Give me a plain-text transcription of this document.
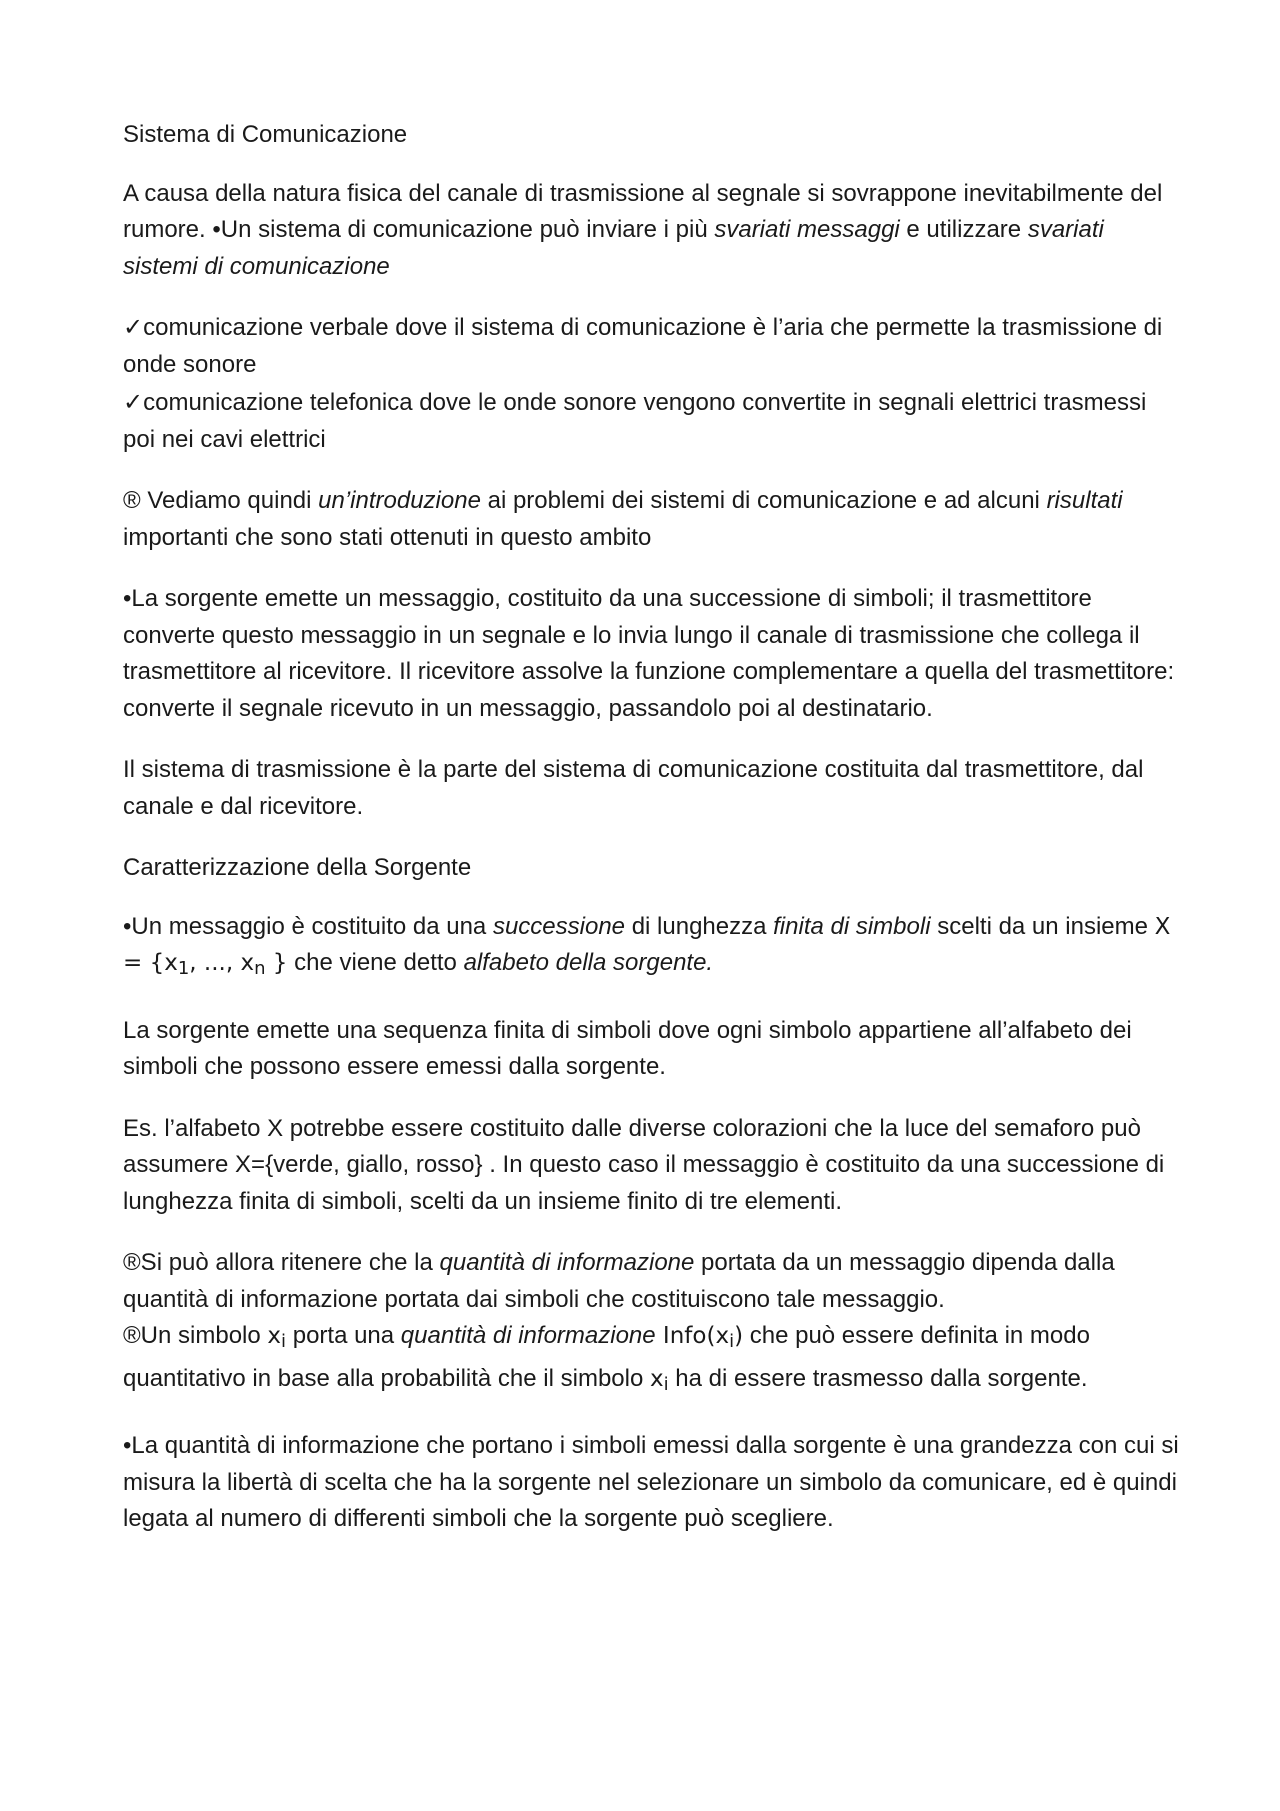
Sistema di Comunicazione

A causa della natura fisica del canale di trasmissione al segnale si sovrappone inevitabilmente del rumore. •Un sistema di comunicazione può inviare i più svariati messaggi e utilizzare svariati sistemi di comunicazione

✓comunicazione verbale dove il sistema di comunicazione è l’aria che permette la trasmissione di onde sonore

✓comunicazione telefonica dove le onde sonore vengono convertite in segnali elettrici trasmessi poi nei cavi elettrici

® Vediamo quindi un’introduzione ai problemi dei sistemi di comunicazione e ad alcuni risultati importanti che sono stati ottenuti in questo ambito

•La sorgente emette un messaggio, costituito da una successione di simboli; il trasmettitore converte questo messaggio in un segnale e lo invia lungo il canale di trasmissione che collega il trasmettitore al ricevitore. Il ricevitore assolve la funzione complementare a quella del trasmettitore: converte il segnale ricevuto in un messaggio, passandolo poi al destinatario.

Il sistema di trasmissione è la parte del sistema di comunicazione costituita dal trasmettitore, dal canale e dal ricevitore.

Caratterizzazione della Sorgente

•Un messaggio è costituito da una successione di lunghezza finita di simboli scelti da un insieme $X = \{x_1$, ..., $x_n$ } che viene detto alfabeto della sorgente.

La sorgente emette una sequenza finita di simboli dove ogni simbolo appartiene all’alfabeto dei simboli che possono essere emessi dalla sorgente.

Es. l’alfabeto X potrebbe essere costituito dalle diverse colorazioni che la luce del semaforo può assumere X={verde, giallo, rosso} . In questo caso il messaggio è costituito da una successione di lunghezza finita di simboli, scelti da un insieme finito di tre elementi.

®Si può allora ritenere che la quantità di informazione portata da un messaggio dipenda dalla quantità di informazione portata dai simboli che costituiscono tale messaggio.
®Un simbolo $x_i$ porta una quantità di informazione $Info(x_i)$ che può essere definita in modo quantitativo in base alla probabilità che il simbolo $x_i$ ha di essere trasmesso dalla sorgente.

•La quantità di informazione che portano i simboli emessi dalla sorgente è una grandezza con cui si misura la libertà di scelta che ha la sorgente nel selezionare un simbolo da comunicare, ed è quindi legata al numero di differenti simboli che la sorgente può scegliere.
